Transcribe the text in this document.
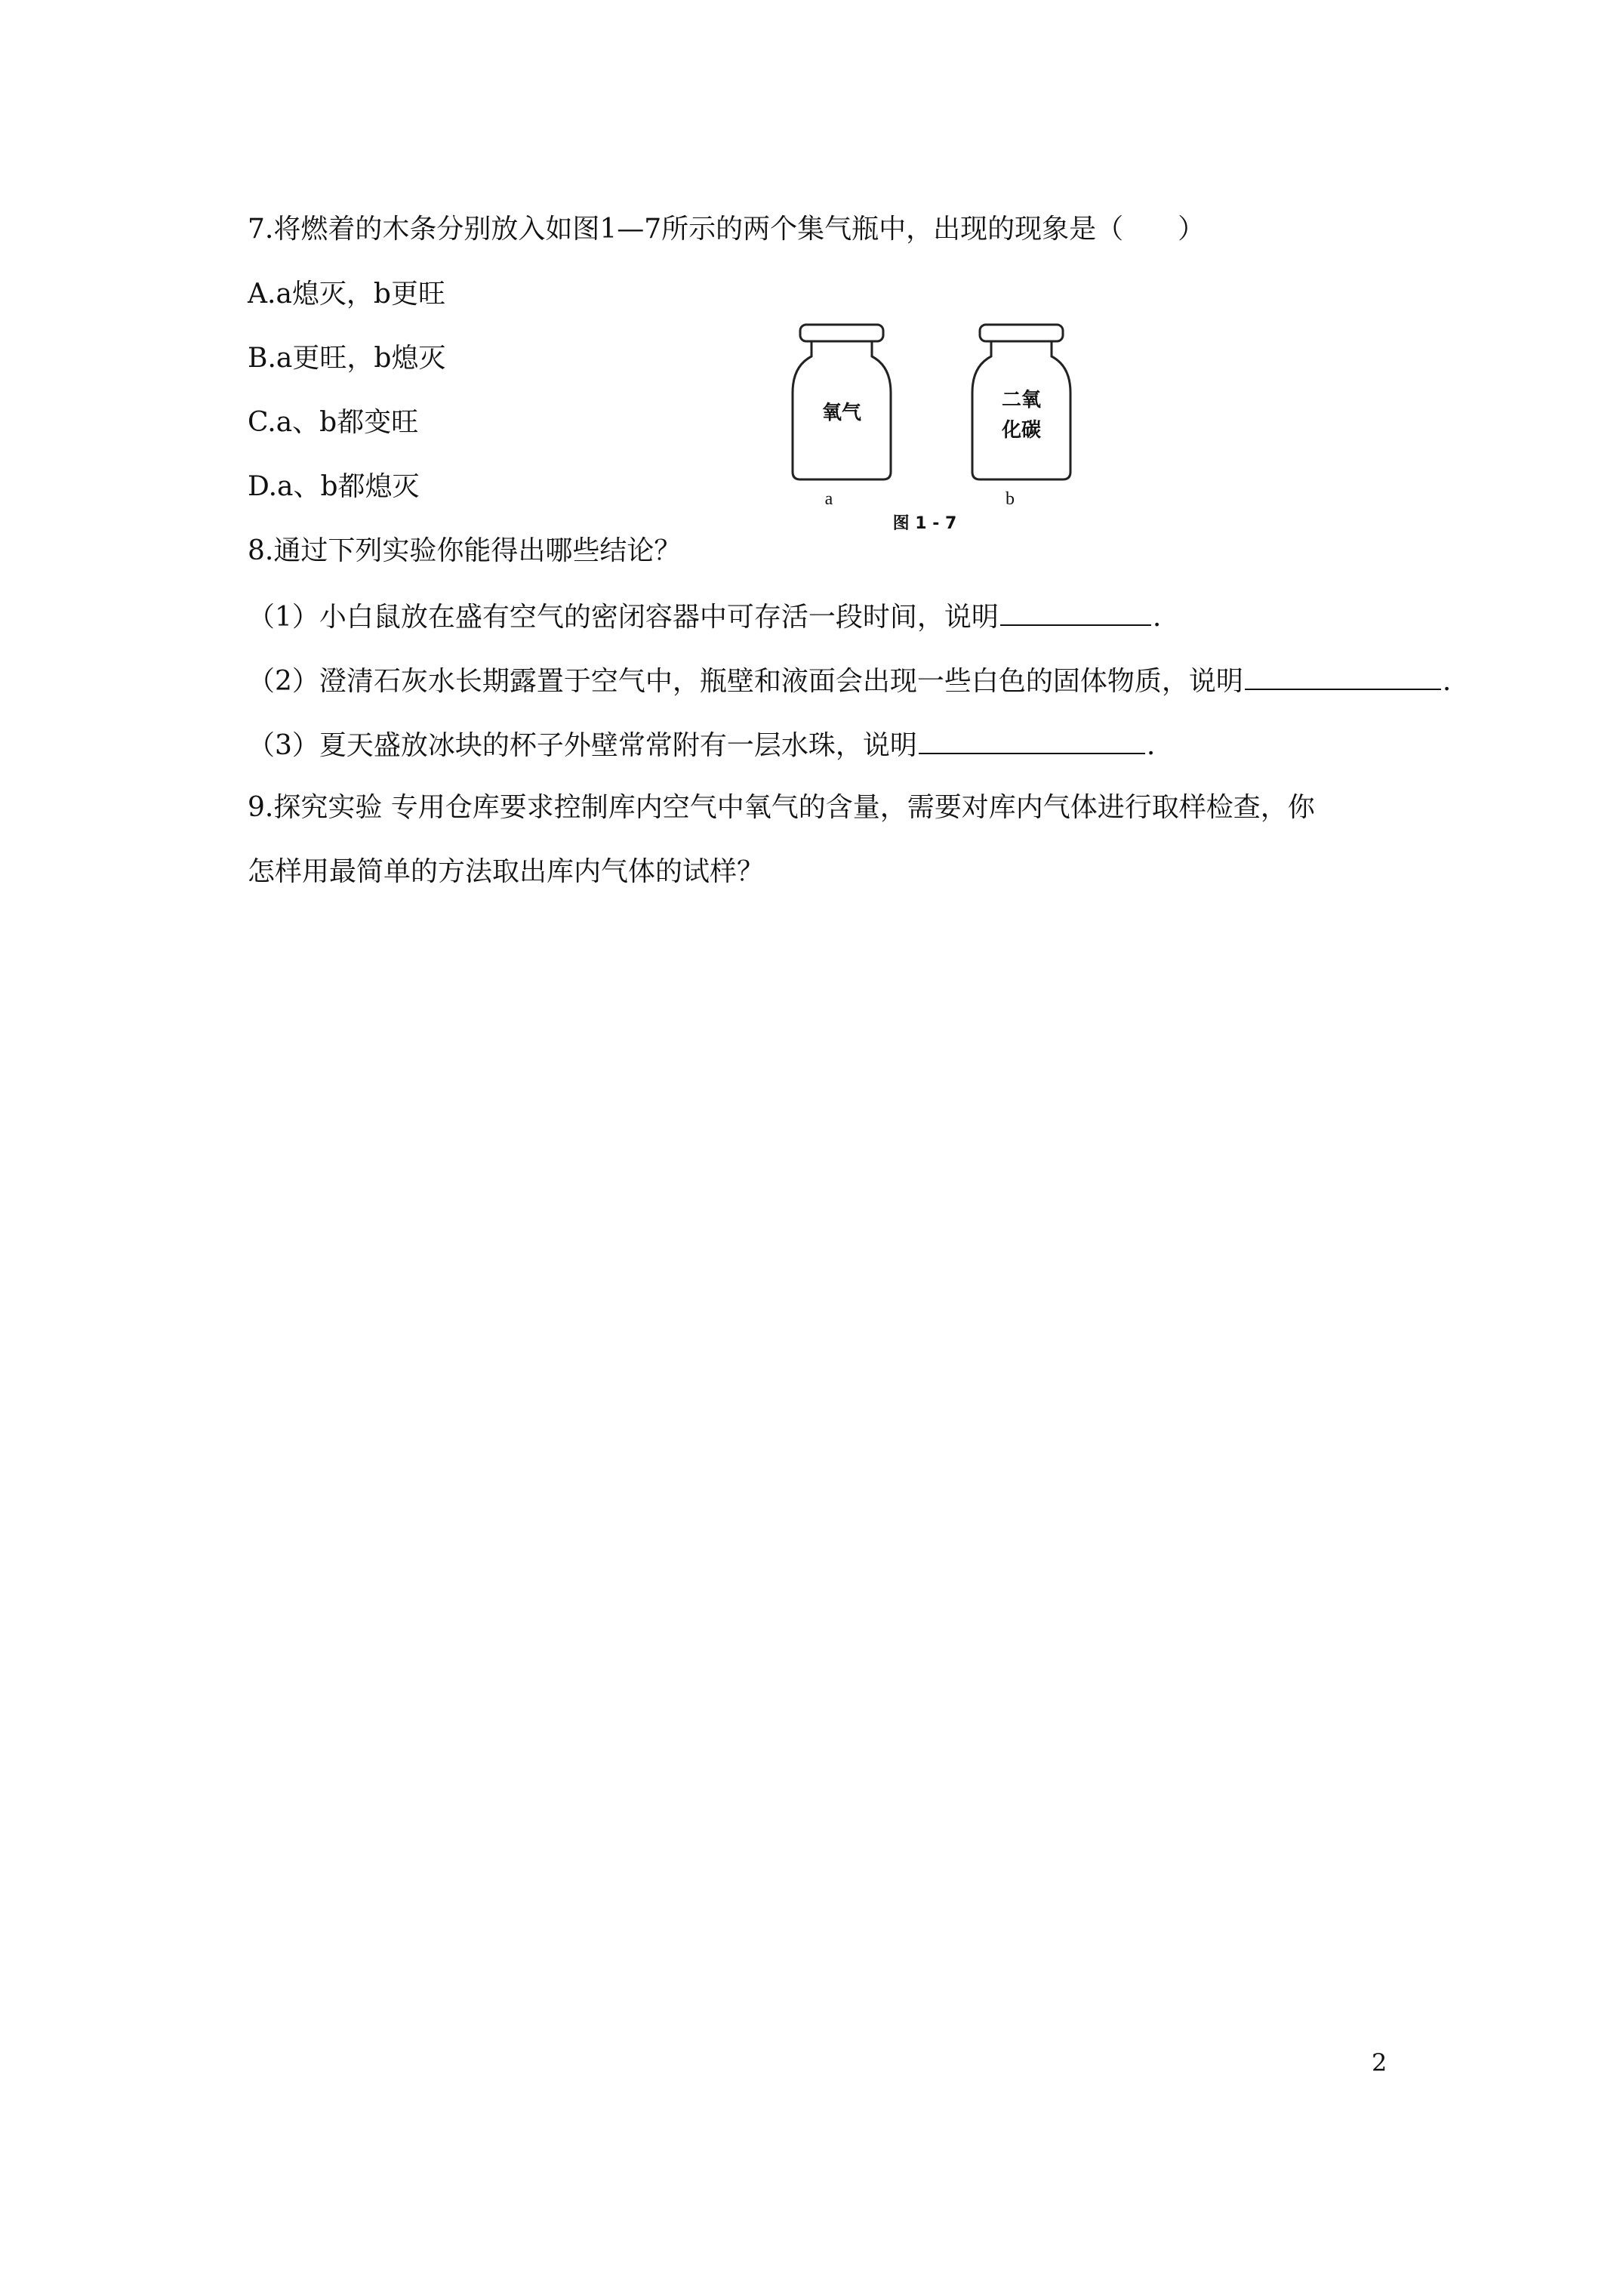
7.将燃着的木条分别放入如图1—7所示的两个集气瓶中，出现的现象是（　　）
A.a熄灭，b更旺
B.a更旺，b熄灭
C.a、b都变旺
D.a、b都熄灭
氧气
a
二氧
化碳
b
图 1 - 7
8.通过下列实验你能得出哪些结论？
（1）小白鼠放在盛有空气的密闭容器中可存活一段时间，说明	.
（2）澄清石灰水长期露置于空气中，瓶壁和液面会出现一些白色的固体物质，说明	.
（3）夏天盛放冰块的杯子外壁常常附有一层水珠，说明	.
9.探究实验 专用仓库要求控制库内空气中氧气的含量，需要对库内气体进行取样检查，你
怎样用最简单的方法取出库内气体的试样？
2
